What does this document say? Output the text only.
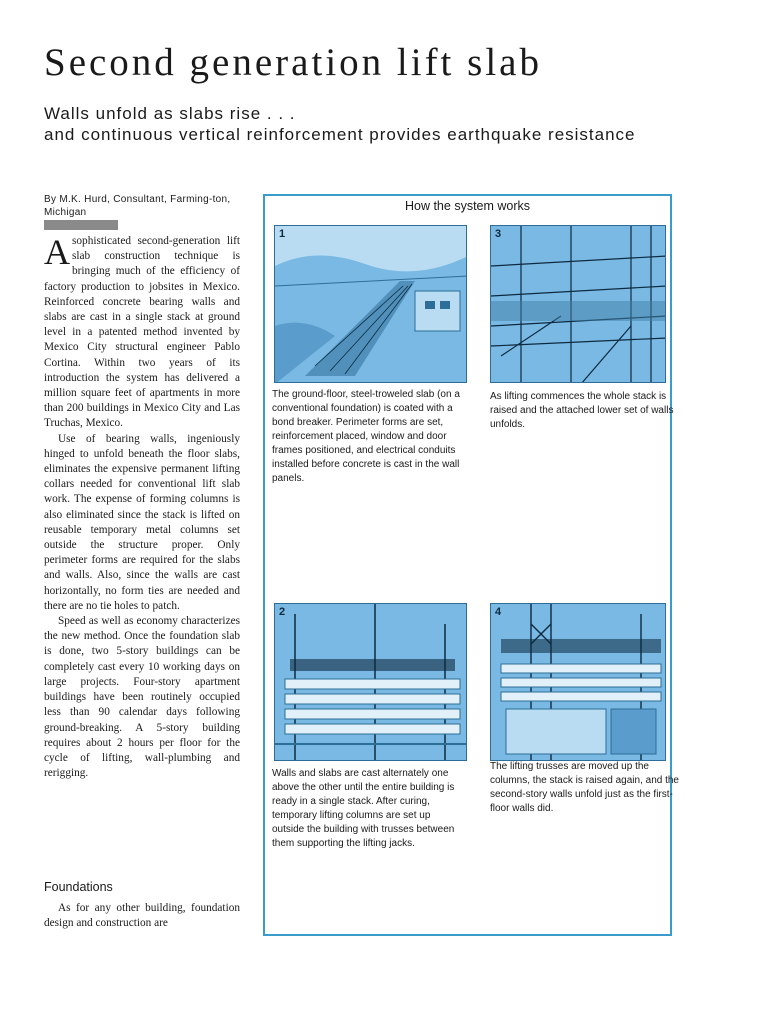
Second generation lift slab
Walls unfold as slabs rise . . .
and continuous vertical reinforcement provides earthquake resistance
By M.K. Hurd, Consultant, Farming-ton, Michigan

Asophisticated second-generation lift slab construction technique is bringing much of the efficiency of factory production to jobsites in Mexico. Reinforced concrete bearing walls and slabs are cast in a single stack at ground level in a patented method invented by Mexico City structural engineer Pablo Cortina. Within two years of its introduction the system has delivered a million square feet of apartments in more than 200 buildings in Mexico City and Las Truchas, Mexico.

Use of bearing walls, ingeniously hinged to unfold beneath the floor slabs, eliminates the expensive permanent lifting collars needed for conventional lift slab work. The expense of forming columns is also eliminated since the stack is lifted on reusable temporary metal columns set outside the structure proper. Only perimeter forms are required for the slabs and walls. Also, since the walls are cast horizontally, no form ties are needed and there are no tie holes to patch.

Speed as well as economy characterizes the new method. Once the foundation slab is done, two 5-story buildings can be completely cast every 10 working days on large projects. Four-story apartment buildings have been routinely occupied less than 90 calendar days following ground-breaking. A 5-story building requires about 2 hours per floor for the cycle of lifting, wall-plumbing and rerigging.

Foundations
As for any other building, foundation design and construction are
How the system works
1
The ground-floor, steel-troweled slab (on a conventional foundation) is coated with a bond breaker. Perimeter forms are set, reinforcement placed, window and door frames positioned, and electrical conduits installed before concrete is cast in the wall panels.
3
As lifting commences the whole stack is raised and the attached lower set of walls unfolds.
2
Walls and slabs are cast alternately one above the other until the entire building is ready in a single stack. After curing, temporary lifting columns are set up outside the building with trusses between them supporting the lifting jacks.
4
The lifting trusses are moved up the columns, the stack is raised again, and the second-story walls unfold just as the first-floor walls did.
